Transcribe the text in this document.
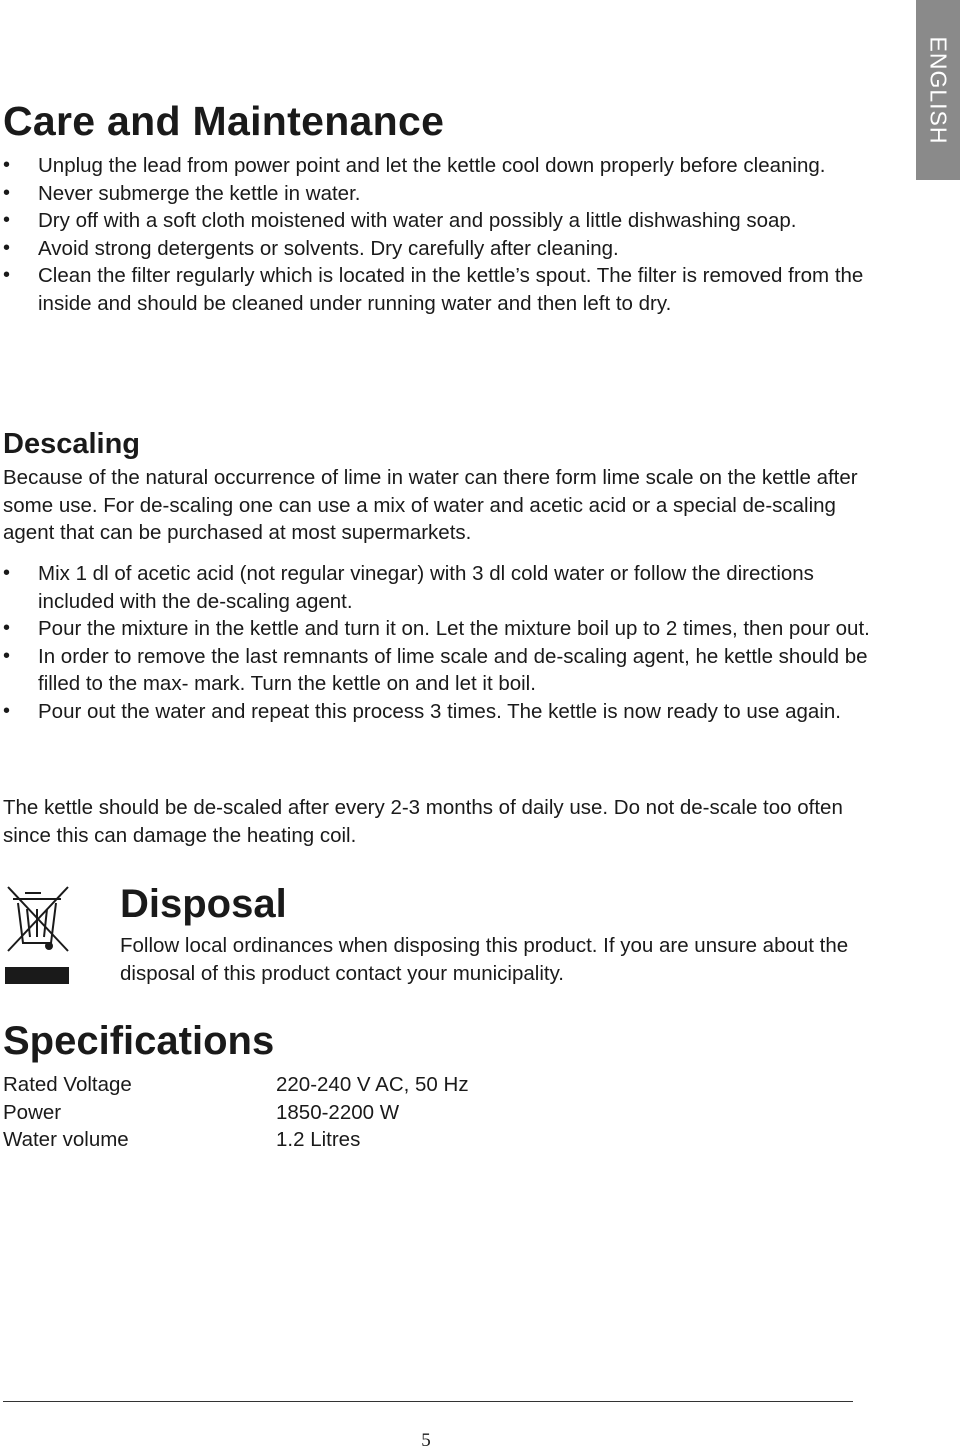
ENGLISH
Care and Maintenance
• Unplug the lead from power point and let the kettle cool down properly before cleaning.
• Never submerge the kettle in water.
• Dry off with a soft cloth moistened with water and possibly a little dishwashing soap.
• Avoid strong detergents or solvents. Dry carefully after cleaning.
• Clean the filter regularly which is located in the kettle’s spout. The filter is removed from the inside and should be cleaned under running water and then left to dry.
Descaling

Because of the natural occurrence of lime in water can there form lime scale on the kettle after some use. For de-scaling one can use a mix of water and acetic acid or a special de-scaling agent that can be purchased at most supermarkets.

• Mix 1 dl of acetic acid (not regular vinegar) with 3 dl cold water or follow the directions included with the de-scaling agent.
• Pour the mixture in the kettle and turn it on. Let the mixture boil up to 2 times, then pour out.
• In order to remove the last remnants of lime scale and de-scaling agent, he kettle should be filled to the max- mark. Turn the kettle on and let it boil.
• Pour out the water and repeat this process 3 times. The kettle is now ready to use again.

The kettle should be de-scaled after every 2-3 months of daily use. Do not de-scale too often since this can damage the heating coil.

Disposal

Follow local ordinances when disposing this product. If you are unsure about the disposal of this product contact your municipality.

Specifications
Rated Voltage	220-240 V AC, 50 Hz
Power	1850-2200 W
Water volume	1.2 Litres
5
